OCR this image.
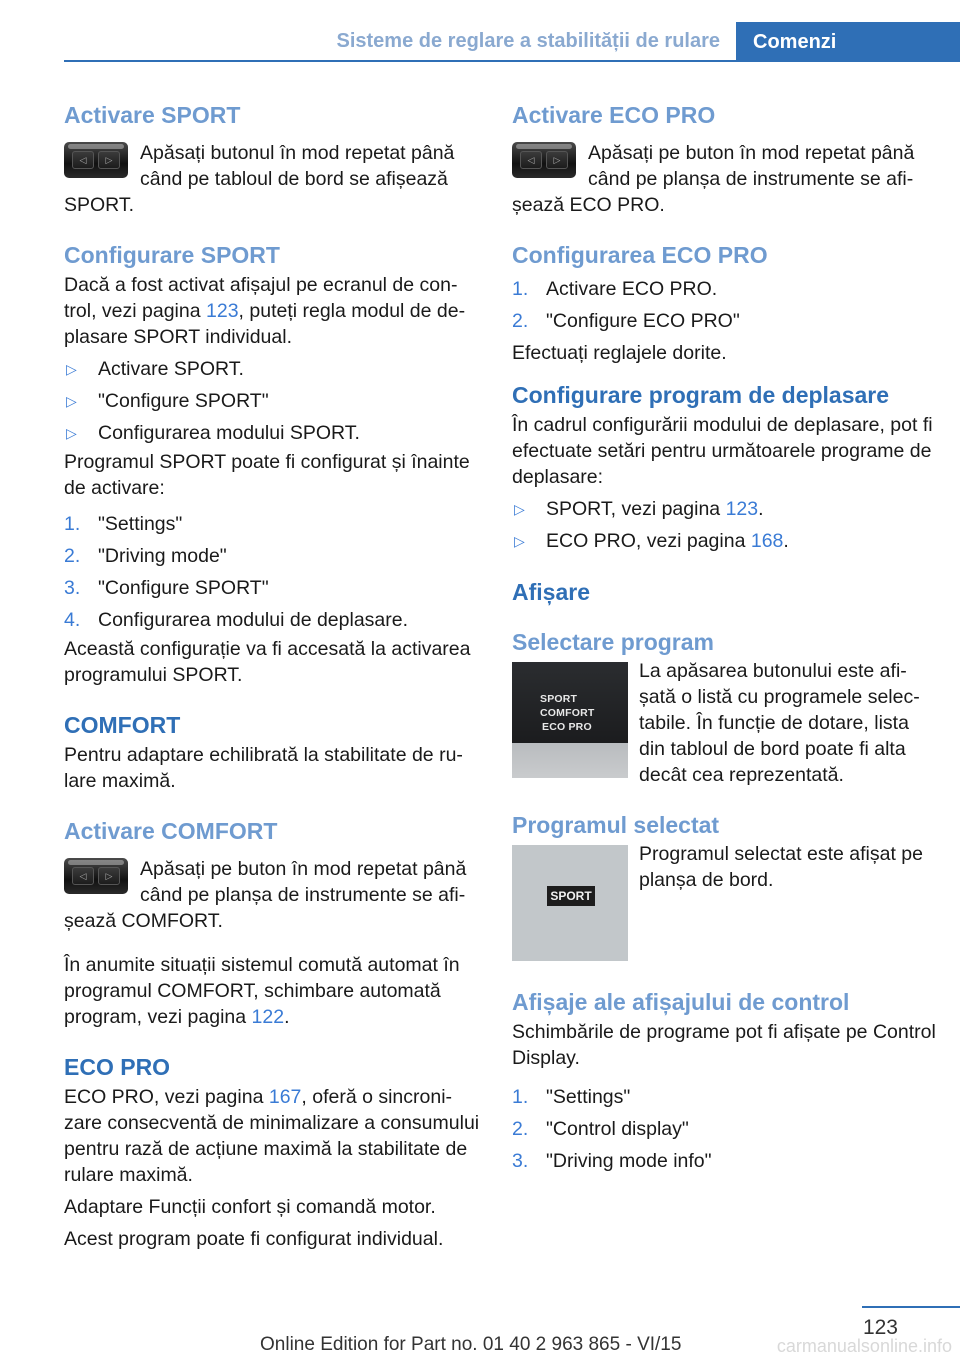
Sisteme de reglare a stabilității de rulare	Comenzi
Activare SPORT
◁	▷	Apăsați butonul în mod repetat până când pe tabloul de bord se afișează SPORT.
Configurare SPORT
Dacă a fost activat afișajul pe ecranul de control, vezi pagina 123, puteți regla modul de deplasare SPORT individual.
▷	Activare SPORT.
▷	"Configure SPORT"
▷	Configurarea modului SPORT.
Programul SPORT poate fi configurat și înainte de activare:
1. "Settings"
2. "Driving mode"
3. "Configure SPORT"
4. Configurarea modului de deplasare.
Această configurație va fi accesată la activarea programului SPORT.
COMFORT
Pentru adaptare echilibrată la stabilitate de rulare maximă.
Activare COMFORT
◁	▷	Apăsați pe buton în mod repetat până când pe planșa de instrumente se afișează COMFORT.
În anumite situații sistemul comută automat în programul COMFORT, schimbare automată program, vezi pagina 122.
ECO PRO
ECO PRO, vezi pagina 167, oferă o sincronizare consecventă de minimalizare a consumului pentru rază de acțiune maximă la stabilitate de rulare maximă.
Adaptare Funcții confort și comandă motor.
Acest program poate fi configurat individual.
Activare ECO PRO
◁	▷	Apăsați pe buton în mod repetat până când pe planșa de instrumente se afișează ECO PRO.
Configurarea ECO PRO
1. Activare ECO PRO.
2. "Configure ECO PRO"
Efectuați reglajele dorite.
Configurare program de deplasare
În cadrul configurării modului de deplasare, pot fi efectuate setări pentru următoarele programe de deplasare:
▷	SPORT, vezi pagina 123.
▷	ECO PRO, vezi pagina 168.
Afișare
Selectare program
SPORT
COMFORT
ECO PRO
La apăsarea butonului este afișată o listă cu programele selectabile. În funcție de dotare, lista din tabloul de bord poate fi alta decât cea reprezentată.
Programul selectat
SPORT
Programul selectat este afișat pe planșa de bord.
Afișaje ale afișajului de control
Schimbările de programe pot fi afișate pe Control Display.
1. "Settings"
2. "Control display"
3. "Driving mode info"
123
Online Edition for Part no. 01 40 2 963 865 - VI/15	carmanualsonline.info
